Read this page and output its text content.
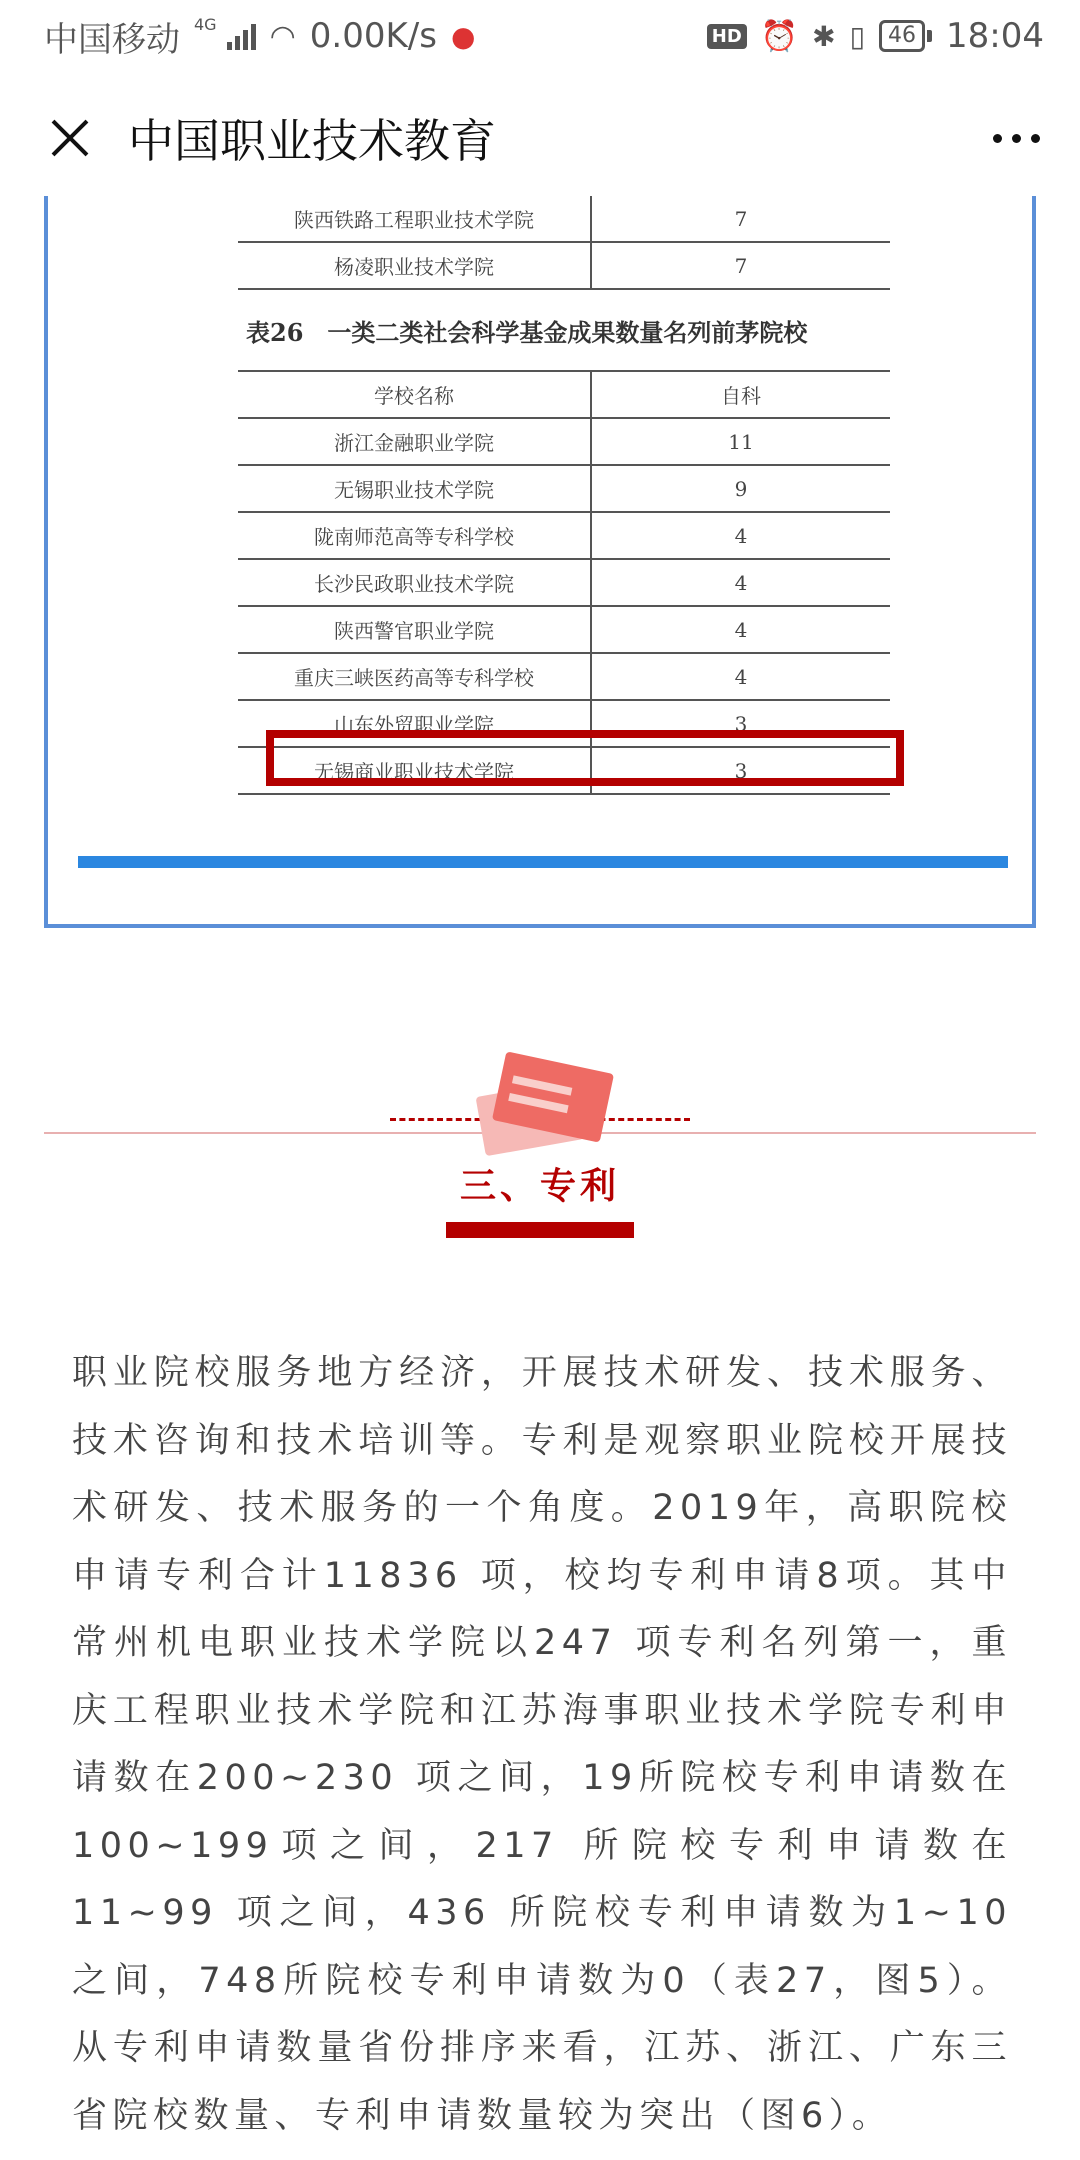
中国移动 4G ◠ 0.00K/s ●	HD ⏰ ✱ ▯	46 18:04
中国职业技术教育
陕西铁路工程职业技术学院	7
杨凌职业技术学院	7
表26　一类二类社会科学基金成果数量名列前茅院校
学校名称	自科
浙江金融职业学院	11
无锡职业技术学院	9
陇南师范高等专科学校	4
长沙民政职业技术学院	4
陕西警官职业学院	4
重庆三峡医药高等专科学校	4
山东外贸职业学院	3
无锡商业职业技术学院	3
三、专利
职业院校服务地方经济，开展技术研发、技术服务、技术咨询和技术培训等。专利是观察职业院校开展技术研发、技术服务的一个角度。2019年，高职院校申请专利合计11836 项，校均专利申请8项。其中常州机电职业技术学院以247 项专利名列第一，重庆工程职业技术学院和江苏海事职业技术学院专利申请数在200~230 项之间，19所院校专利申请数在100~199项之间，217 所院校专利申请数在11~99 项之间，436 所院校专利申请数为1~10 之间，748所院校专利申请数为0（表27，图5）。从专利申请数量省份排序来看，江苏、浙江、广东三省院校数量、专利申请数量较为突出（图6）。
